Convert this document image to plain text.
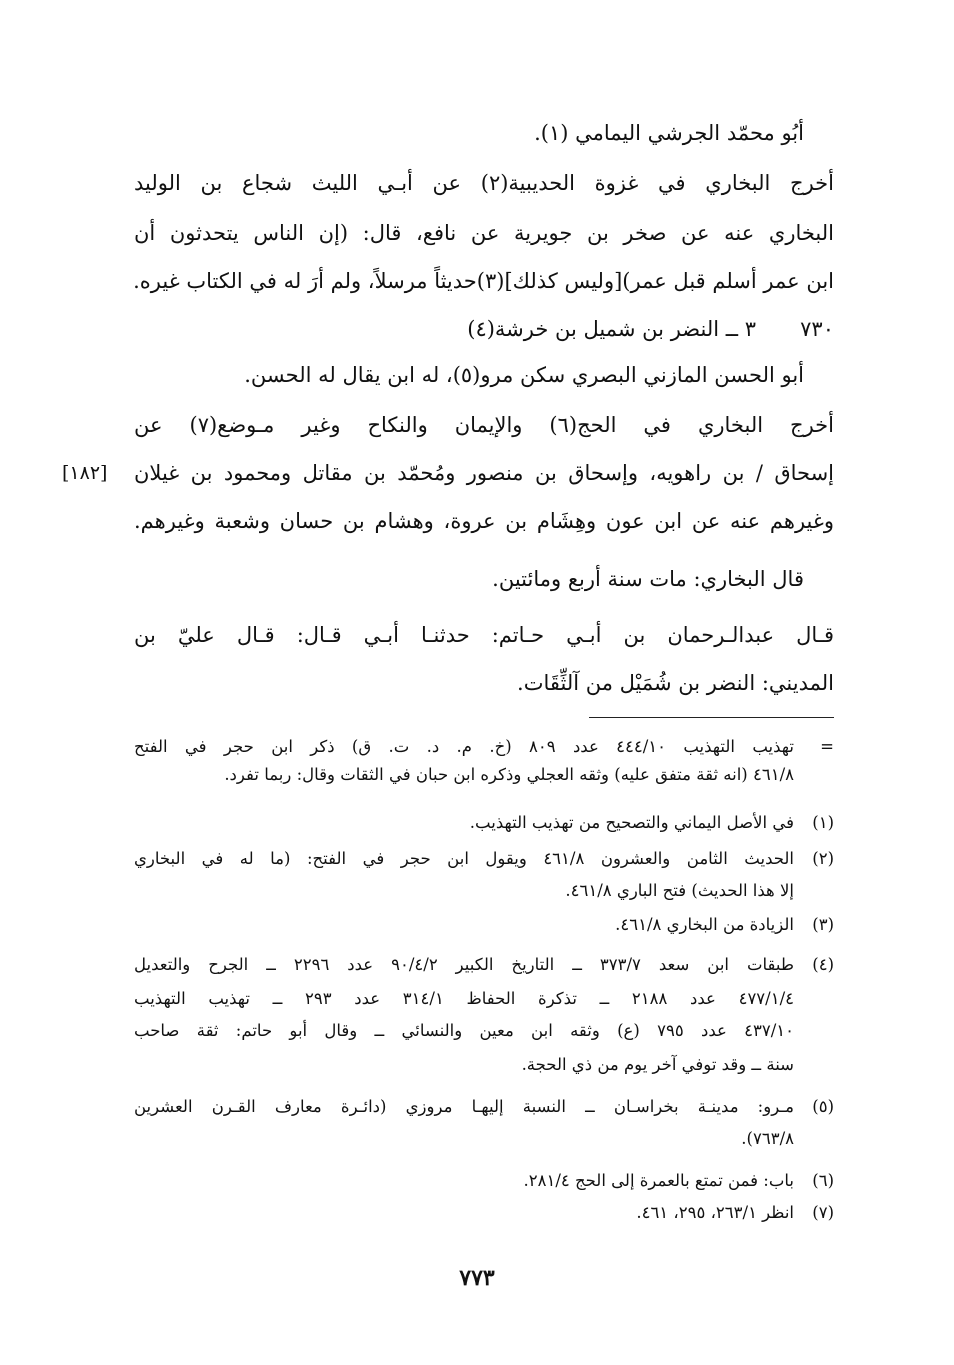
أبُو محمّد الجرشي اليمامي (١).
أخرج البخاري في غزوة الحديبية(٢) عن أبـي الليث شجاع بن الوليد
البخاري عنه عن صخر بن جويرية عن نافع، قال: (إن الناس يتحدثون أن
ابن عمر أسلم قبل عمر)[وليس كذلك](٣)حديثاً مرسلاً، ولم أرَ له في الكتاب غيره.
٧٣٠
٣ ــ النضر بن شميل بن خرشة(٤)
أبو الحسن المازني البصري سكن مرو(٥)، له ابن يقال له الحسن.
أخرج البخاري في الحج(٦) والإيمان والنكاح وغير مـوضع(٧) عن
إسحاق / بن راهويه، وإسحاق بن منصور ومُحمّد بن مقاتل ومحمود بن غيلان
[١٨٢]
وغيرهم عنه عن ابن عون وهِشَام بن عروة، وهشام بن حسان وشعبة وغيرهم.
قال البخاري: مات سنة أربع ومائتين.
قـال عبدالـرحمان بن أبـي حـاتم: حدثنـا أبـي قـال: قـال عليّ بن
المديني: النضر بن شُمَيْل من آلثِّقَات.
=
تهذيب التهذيب ٤٤٤/١٠ عدد ٨٠٩ (خ. م. د. ت. ق) ذكر ابن حجر في الفتح
٤٦١/٨ (انه ثقة متفق عليه) وثقه العجلي وذكره ابن حبان في الثقات وقال: ربما تفرد.
(١)
في الأصل اليماني والتصحيح من تهذيب التهذيب.
(٢)
الحديث الثامن والعشرون ٤٦١/٨ ويقول ابن حجر في الفتح: (ما له في البخاري
إلا هذا الحديث) فتح الباري ٤٦١/٨.
(٣)
الزيادة من البخاري ٤٦١/٨.
(٤)
طبقات ابن سعد ٣٧٣/٧ ــ التاريخ الكبير ٩٠/٤/٢ عدد ٢٢٩٦ ــ الجرح والتعديل
٤٧٧/١/٤ عدد ٢١٨٨ ــ تذكرة الحفاظ ٣١٤/١ عدد ٢٩٣ ــ تهذيب التهذيب
٤٣٧/١٠ عدد ٧٩٥ (ع) وثقه ابن معين والنسائي ــ وقال أبو حاتم: ثقة صاحب
سنة ــ وقد توفي آخر يوم من ذي الحجة.
(٥)
مـرو: مدينـة بخراسـان ــ النسبة إليهـا مروزي (دائـرة معارف القـرن العشرين
٧٦٣/٨).
(٦)
باب: فمن تمتع بالعمرة إلى الحج ٢٨١/٤.
(٧)
انظر ٢٦٣/١، ٢٩٥، ٤٦١.
٧٧٣
